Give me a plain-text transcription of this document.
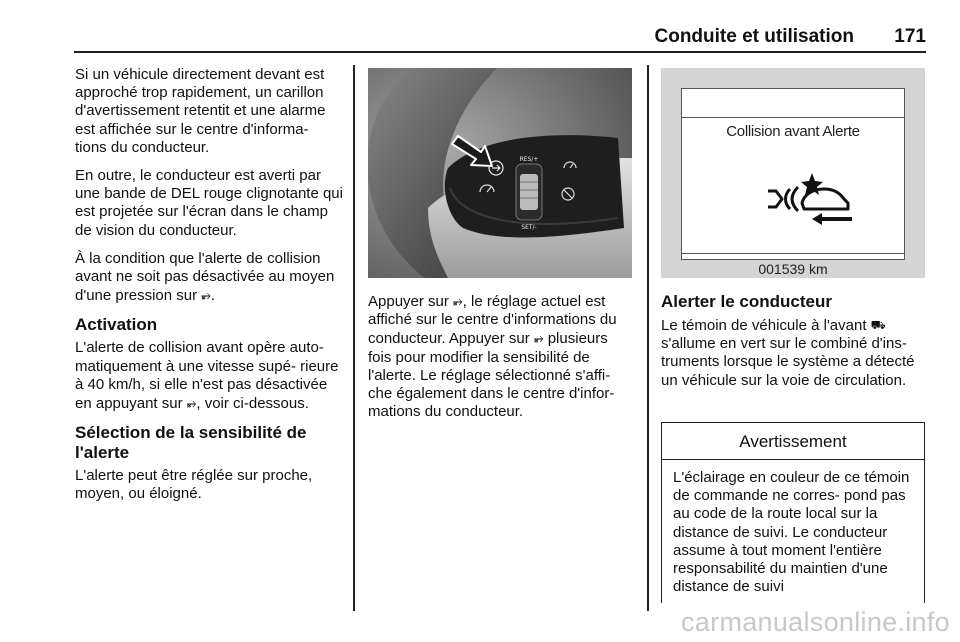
Conduite et utilisation 171

Si un véhicule directement devant est approché trop rapidement, un carillon d'avertissement retentit et une alarme est affichée sur le centre d'informa- tions du conducteur.

En outre, le conducteur est averti par une bande de DEL rouge clignotante qui est projetée sur l'écran dans le champ de vision du conducteur.

À la condition que l'alerte de collision avant ne soit pas désactivée au moyen d'une pression sur ⥵.

Activation

L'alerte de collision avant opère auto- matiquement à une vitesse supé- rieure à 40 km/h, si elle n'est pas désactivée en appuyant sur ⥵, voir ci-dessous.

Sélection de la sensibilité de l'alerte

L'alerte peut être réglée sur proche, moyen, ou éloigné.

RES/+
SET/-

Appuyer sur ⥵, le réglage actuel est affiché sur le centre d'informations du conducteur. Appuyer sur ⥵ plusieurs fois pour modifier la sensibilité de l'alerte. Le réglage sélectionné s'affi- che également dans le centre d'infor- mations du conducteur.

Collision avant Alerte
001539 km
Alerter le conducteur

Le témoin de véhicule à l'avant ⛟ s'allume en vert sur le combiné d'ins- truments lorsque le système a détecté un véhicule sur la voie de circulation.

Avertissement
L'éclairage en couleur de ce témoin de commande ne corres- pond pas au code de la route local sur la distance de suivi. Le conducteur assume à tout moment l'entière responsabilité du maintien d'une distance de suivi
carmanualsonline.info
